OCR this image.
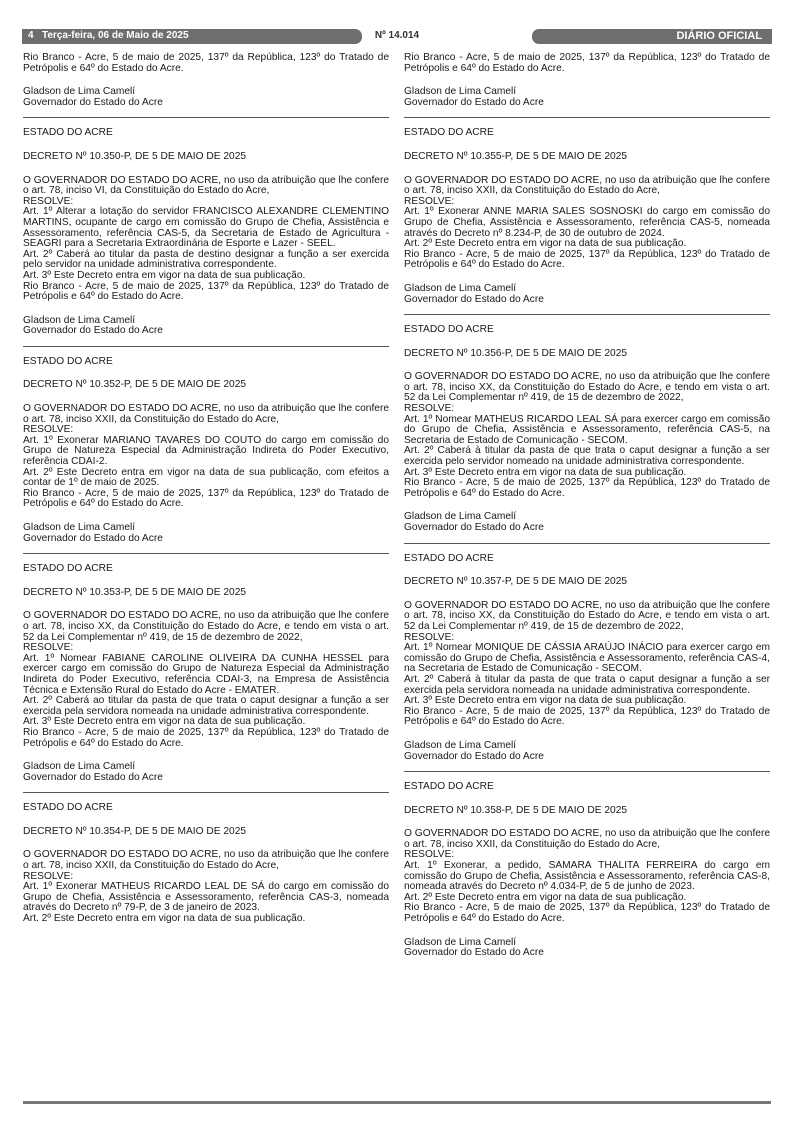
4 Terça-feira, 06 de Maio de 2025	Nº 14.014	DIÁRIO OFICIAL

Rio Branco - Acre, 5 de maio de 2025, 137º da República, 123º do Tratado de Petrópolis e 64º do Estado do Acre.

Gladson de Lima Camelí

Governador do Estado do Acre

ESTADO DO ACRE

DECRETO Nº 10.350-P, DE 5 DE MAIO DE 2025

O GOVERNADOR DO ESTADO DO ACRE, no uso da atribuição que lhe confere o art. 78, inciso VI, da Constituição do Estado do Acre,

RESOLVE:

Art. 1º Alterar a lotação do servidor FRANCISCO ALEXANDRE CLEMENTINO MARTINS, ocupante de cargo em comissão do Grupo de Chefia, Assistência e Assessoramento, referência CAS-5, da Secretaria de Estado de Agricultura - SEAGRI para a Secretaria Extraordinária de Esporte e Lazer - SEEL.

Art. 2º Caberá ao titular da pasta de destino designar a função a ser exercida pelo servidor na unidade administrativa correspondente.

Art. 3º Este Decreto entra em vigor na data de sua publicação.

Rio Branco - Acre, 5 de maio de 2025, 137º da República, 123º do Tratado de Petrópolis e 64º do Estado do Acre.

Gladson de Lima Camelí

Governador do Estado do Acre

ESTADO DO ACRE

DECRETO Nº 10.352-P, DE 5 DE MAIO DE 2025

O GOVERNADOR DO ESTADO DO ACRE, no uso da atribuição que lhe confere o art. 78, inciso XXII, da Constituição do Estado do Acre,

RESOLVE:

Art. 1º Exonerar MARIANO TAVARES DO COUTO do cargo em comissão do Grupo de Natureza Especial da Administração Indireta do Poder Executivo, referência CDAI-2.

Art. 2º Este Decreto entra em vigor na data de sua publicação, com efeitos a contar de 1º de maio de 2025.

Rio Branco - Acre, 5 de maio de 2025, 137º da República, 123º do Tratado de Petrópolis e 64º do Estado do Acre.

Gladson de Lima Camelí

Governador do Estado do Acre

ESTADO DO ACRE

DECRETO Nº 10.353-P, DE 5 DE MAIO DE 2025

O GOVERNADOR DO ESTADO DO ACRE, no uso da atribuição que lhe confere o art. 78, inciso XX, da Constituição do Estado do Acre, e tendo em vista o art. 52 da Lei Complementar nº 419, de 15 de dezembro de 2022,

RESOLVE:

Art. 1º Nomear FABIANE CAROLINE OLIVEIRA DA CUNHA HESSEL para exercer cargo em comissão do Grupo de Natureza Especial da Administração Indireta do Poder Executivo, referência CDAI-3, na Empresa de Assistência Técnica e Extensão Rural do Estado do Acre - EMATER.

Art. 2º Caberá ao titular da pasta de que trata o caput designar a função a ser exercida pela servidora nomeada na unidade administrativa correspondente.

Art. 3º Este Decreto entra em vigor na data de sua publicação.

Rio Branco - Acre, 5 de maio de 2025, 137º da República, 123º do Tratado de Petrópolis e 64º do Estado do Acre.

Gladson de Lima Camelí

Governador do Estado do Acre

ESTADO DO ACRE

DECRETO Nº 10.354-P, DE 5 DE MAIO DE 2025

O GOVERNADOR DO ESTADO DO ACRE, no uso da atribuição que lhe confere o art. 78, inciso XXII, da Constituição do Estado do Acre,

RESOLVE:

Art. 1º Exonerar MATHEUS RICARDO LEAL DE SÁ do cargo em comissão do Grupo de Chefia, Assistência e Assessoramento, referência CAS-3, nomeada através do Decreto nº 79-P, de 3 de janeiro de 2023.

Art. 2º Este Decreto entra em vigor na data de sua publicação.

Rio Branco - Acre, 5 de maio de 2025, 137º da República, 123º do Tratado de Petrópolis e 64º do Estado do Acre.

Gladson de Lima Camelí

Governador do Estado do Acre

ESTADO DO ACRE

DECRETO Nº 10.355-P, DE 5 DE MAIO DE 2025

O GOVERNADOR DO ESTADO DO ACRE, no uso da atribuição que lhe confere o art. 78, inciso XXII, da Constituição do Estado do Acre,

RESOLVE:

Art. 1º Exonerar ANNE MARIA SALES SOSNOSKI do cargo em comissão do Grupo de Chefia, Assistência e Assessoramento, referência CAS-5, nomeada através do Decreto nº 8.234-P, de 30 de outubro de 2024.

Art. 2º Este Decreto entra em vigor na data de sua publicação.

Rio Branco - Acre, 5 de maio de 2025, 137º da República, 123º do Tratado de Petrópolis e 64º do Estado do Acre.

Gladson de Lima Camelí

Governador do Estado do Acre

ESTADO DO ACRE

DECRETO Nº 10.356-P, DE 5 DE MAIO DE 2025

O GOVERNADOR DO ESTADO DO ACRE, no uso da atribuição que lhe confere o art. 78, inciso XX, da Constituição do Estado do Acre, e tendo em vista o art. 52 da Lei Complementar nº 419, de 15 de dezembro de 2022,

RESOLVE:

Art. 1º Nomear MATHEUS RICARDO LEAL SÁ para exercer cargo em comissão do Grupo de Chefia, Assistência e Assessoramento, referência CAS-5, na Secretaria de Estado de Comunicação - SECOM.

Art. 2º Caberá à titular da pasta de que trata o caput designar a função a ser exercida pelo servidor nomeado na unidade administrativa correspondente.

Art. 3º Este Decreto entra em vigor na data de sua publicação.

Rio Branco - Acre, 5 de maio de 2025, 137º da República, 123º do Tratado de Petrópolis e 64º do Estado do Acre.

Gladson de Lima Camelí

Governador do Estado do Acre

ESTADO DO ACRE

DECRETO Nº 10.357-P, DE 5 DE MAIO DE 2025

O GOVERNADOR DO ESTADO DO ACRE, no uso da atribuição que lhe confere o art. 78, inciso XX, da Constituição do Estado do Acre, e tendo em vista o art. 52 da Lei Complementar nº 419, de 15 de dezembro de 2022,

RESOLVE:

Art. 1º Nomear MONIQUE DE CÁSSIA ARAÚJO INÁCIO para exercer cargo em comissão do Grupo de Chefia, Assistência e Assessoramento, referência CAS-4, na Secretaria de Estado de Comunicação - SECOM.

Art. 2º Caberá à titular da pasta de que trata o caput designar a função a ser exercida pela servidora nomeada na unidade administrativa correspondente.

Art. 3º Este Decreto entra em vigor na data de sua publicação.

Rio Branco - Acre, 5 de maio de 2025, 137º da República, 123º do Tratado de Petrópolis e 64º do Estado do Acre.

Gladson de Lima Camelí

Governador do Estado do Acre

ESTADO DO ACRE

DECRETO Nº 10.358-P, DE 5 DE MAIO DE 2025

O GOVERNADOR DO ESTADO DO ACRE, no uso da atribuição que lhe confere o art. 78, inciso XXII, da Constituição do Estado do Acre,

RESOLVE:

Art. 1º Exonerar, a pedido, SAMARA THALITA FERREIRA do cargo em comissão do Grupo de Chefia, Assistência e Assessoramento, referência CAS-8, nomeada através do Decreto nº 4.034-P, de 5 de junho de 2023.

Art. 2º Este Decreto entra em vigor na data de sua publicação.

Rio Branco - Acre, 5 de maio de 2025, 137º da República, 123º do Tratado de Petrópolis e 64º do Estado do Acre.

Gladson de Lima Camelí

Governador do Estado do Acre
